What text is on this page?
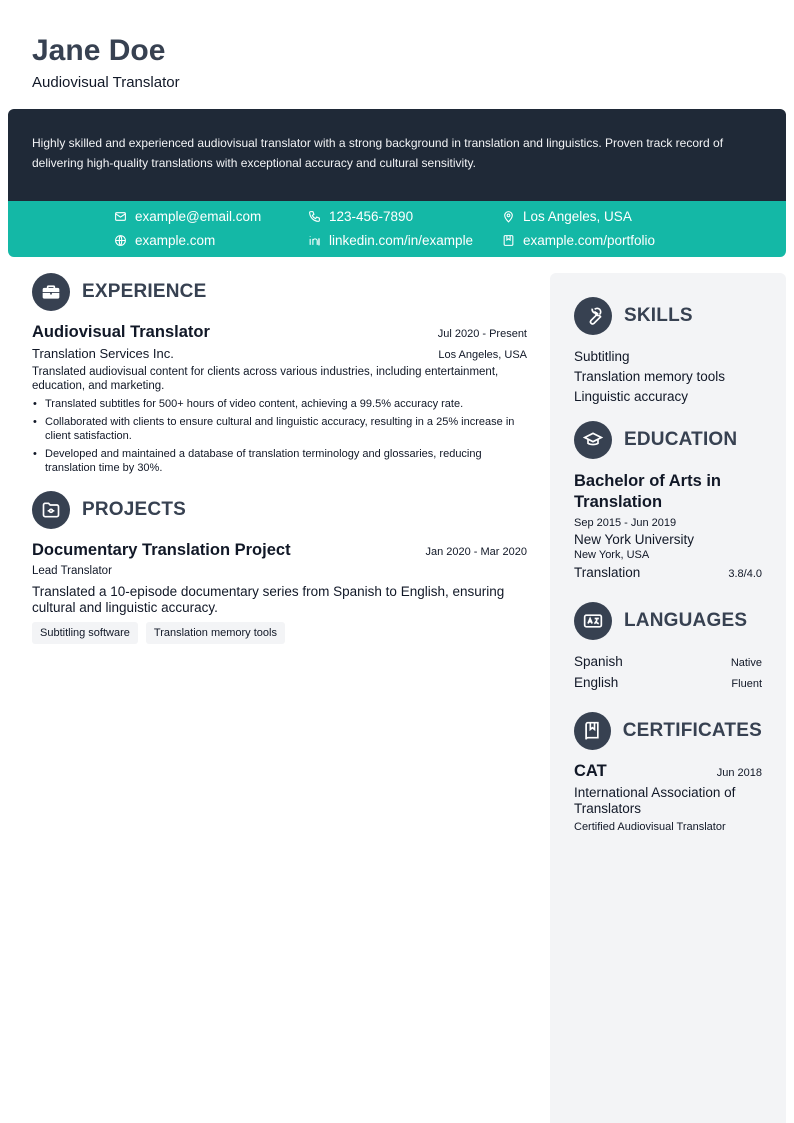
Jane Doe
Audiovisual Translator

Highly skilled and experienced audiovisual translator with a strong background in translation and linguistics. Proven track record of delivering high-quality translations with exceptional accuracy and cultural sensitivity.

example@email.com	123-456-7890	Los Angeles, USA
example.com	linkedin.com/in/example	example.com/portfolio
EXPERIENCE
Audiovisual Translator	Jul 2020 - Present
Translation Services Inc.	Los Angeles, USA
Translated audiovisual content for clients across various industries, including entertainment, education, and marketing.
• Translated subtitles for 500+ hours of video content, achieving a 99.5% accuracy rate.
• Collaborated with clients to ensure cultural and linguistic accuracy, resulting in a 25% increase in client satisfaction.
• Developed and maintained a database of translation terminology and glossaries, reducing translation time by 30%.
PROJECTS
Documentary Translation Project	Jan 2020 - Mar 2020
Lead Translator
Translated a 10-episode documentary series from Spanish to English, ensuring cultural and linguistic accuracy.
Subtitling software	Translation memory tools
SKILLS
Subtitling
Translation memory tools
Linguistic accuracy
EDUCATION
Bachelor of Arts in Translation
Sep 2015 - Jun 2019
New York University
New York, USA
Translation	3.8/4.0
LANGUAGES
Spanish	Native
English	Fluent
CERTIFICATES
CAT	Jun 2018
International Association of Translators
Certified Audiovisual Translator
